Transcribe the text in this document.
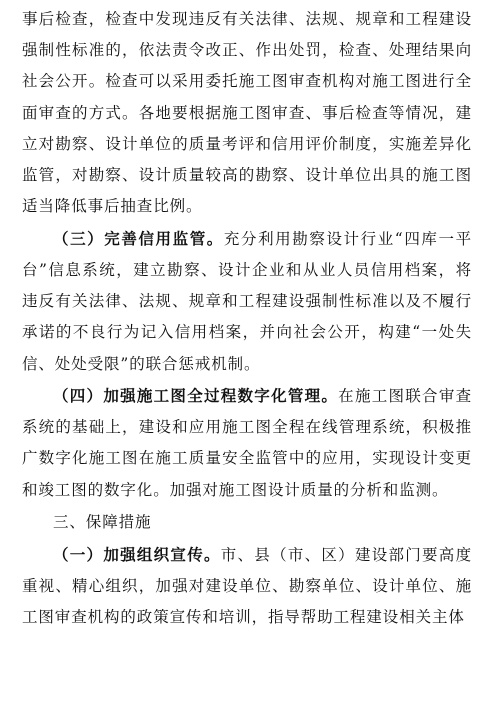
事后检查，检查中发现违反有关法律、法规、规章和工程建设强制性标准的，依法责令改正、作出处罚，检查、处理结果向社会公开。检查可以采用委托施工图审查机构对施工图进行全面审查的方式。各地要根据施工图审查、事后检查等情况，建立对勘察、设计单位的质量考评和信用评价制度，实施差异化监管，对勘察、设计质量较高的勘察、设计单位出具的施工图适当降低事后抽查比例。

（三）完善信用监管。充分利用勘察设计行业“四库一平台”信息系统，建立勘察、设计企业和从业人员信用档案，将违反有关法律、法规、规章和工程建设强制性标准以及不履行承诺的不良行为记入信用档案，并向社会公开，构建“一处失信、处处受限”的联合惩戒机制。

（四）加强施工图全过程数字化管理。在施工图联合审查系统的基础上，建设和应用施工图全程在线管理系统，积极推广数字化施工图在施工质量安全监管中的应用，实现设计变更和竣工图的数字化。加强对施工图设计质量的分析和监测。

三、保障措施

（一）加强组织宣传。市、县（市、区）建设部门要高度重视、精心组织，加强对建设单位、勘察单位、设计单位、施工图审查机构的政策宣传和培训，指导帮助工程建设相关主体
